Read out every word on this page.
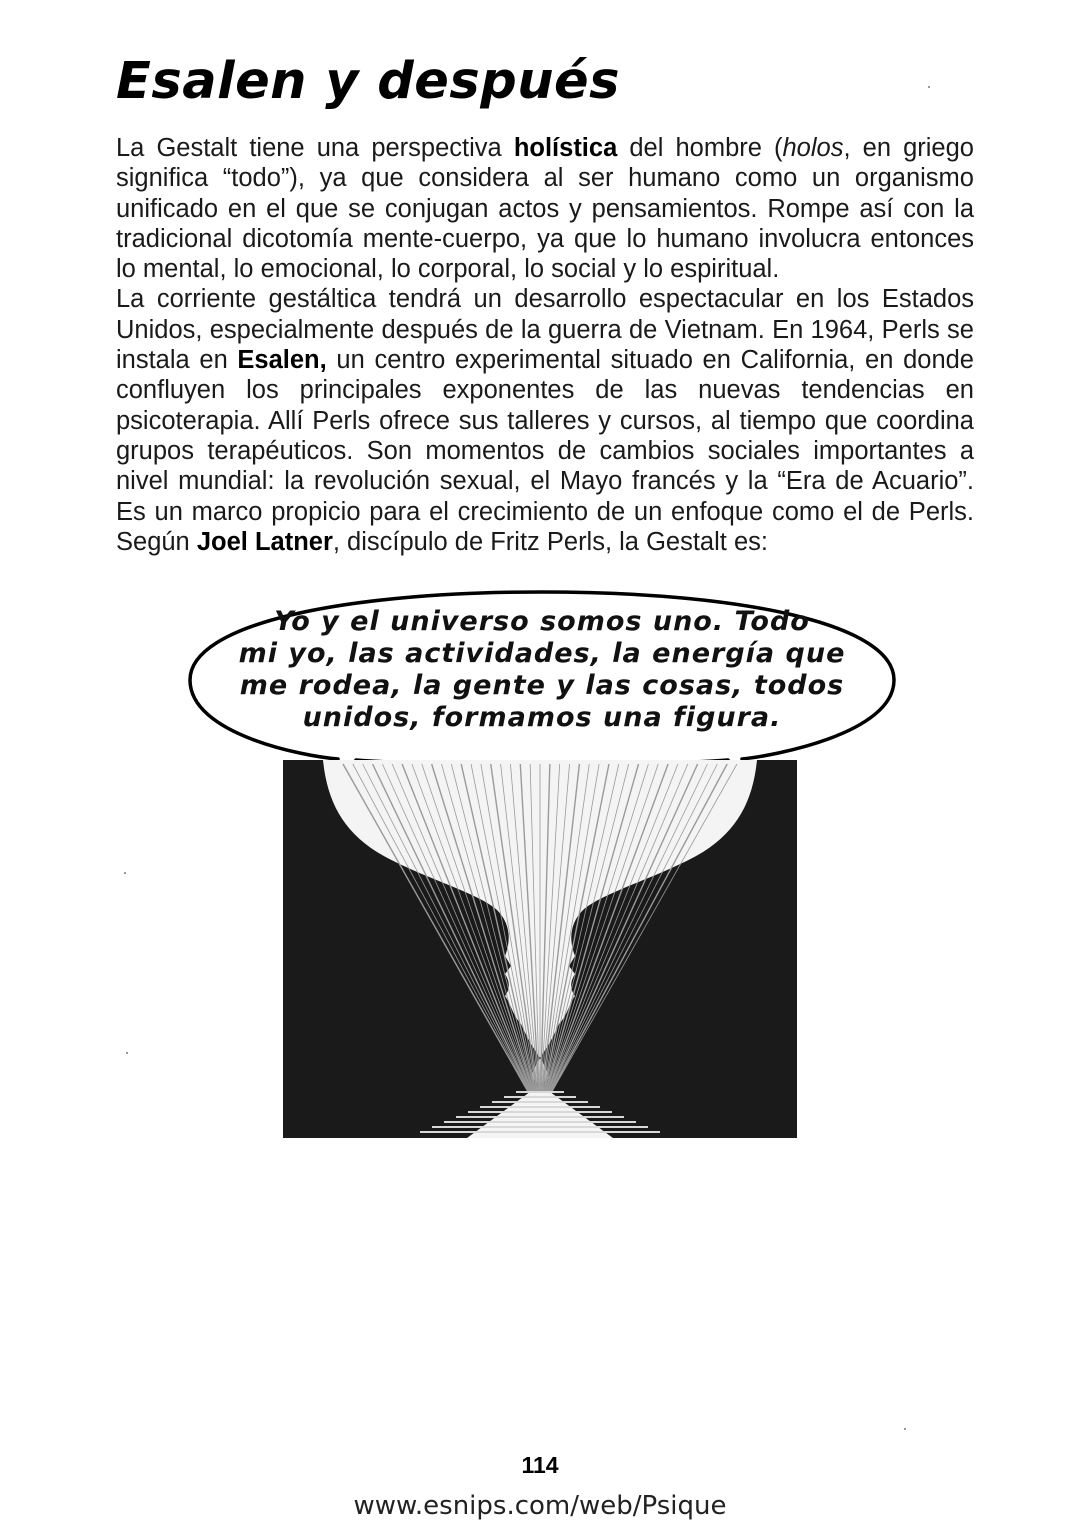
Esalen y después

La Gestalt tiene una perspectiva holística del hombre (holos, en griego significa “todo”), ya que considera al ser humano como un organismo unificado en el que se conjugan actos y pensamientos. Rompe así con la tradicional dicotomía mente-cuerpo, ya que lo humano involucra entonces lo mental, lo emocional, lo corporal, lo social y lo espiritual.
La corriente gestáltica tendrá un desarrollo espectacular en los Estados Unidos, especialmente después de la guerra de Vietnam. En 1964, Perls se instala en Esalen, un centro experimental situado en California, en donde confluyen los principales exponentes de las nuevas tendencias en psicoterapia. Allí Perls ofrece sus talleres y cursos, al tiempo que coordina grupos terapéuticos. Son momentos de cambios sociales importantes a nivel mundial: la revolución sexual, el Mayo francés y la “Era de Acuario”. Es un marco propicio para el crecimiento de un enfoque como el de Perls. Según Joel Latner, discípulo de Fritz Perls, la Gestalt es:

Yo y el universo somos uno. Todo
mi yo, las actividades, la energía que
me rodea, la gente y las cosas, todos
unidos, formamos una figura.
114
www.esnips.com/web/Psique
